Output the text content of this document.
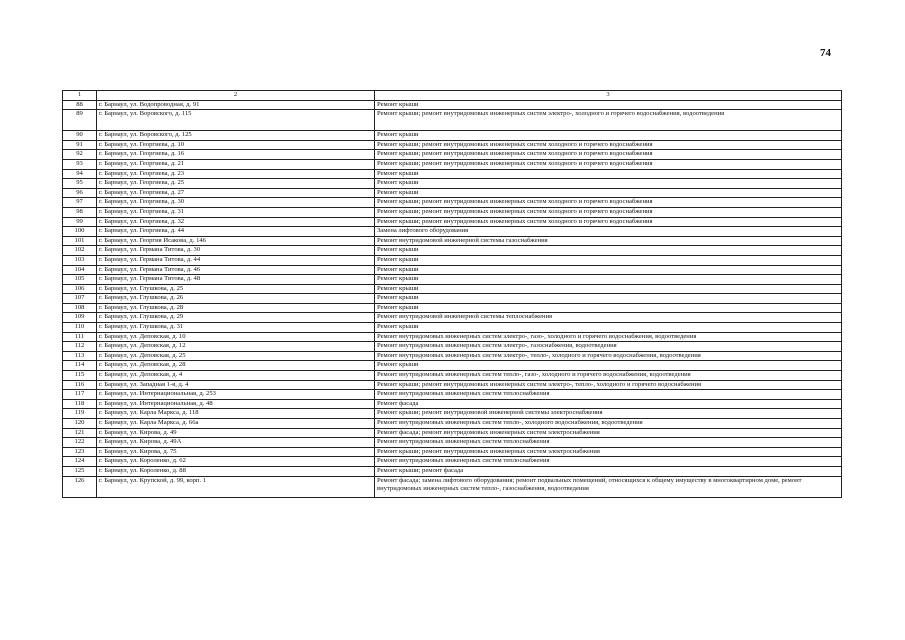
74
1	2	3
88	г. Барнаул, ул. Водопроводная, д. 91	Ремонт крыши
89	г. Барнаул, ул. Воровского, д. 115	Ремонт крыши; ремонт внутридомовых инженерных систем электро-, холодного и горячего водоснабжения, водоотведения
90	г. Барнаул, ул. Воровского, д. 125	Ремонт крыши
91	г. Барнаул, ул. Георгиева, д. 10	Ремонт крыши; ремонт внутридомовых инженерных систем холодного и горячего водоснабжения
92	г. Барнаул, ул. Георгиева, д. 16	Ремонт крыши; ремонт внутридомовых инженерных систем холодного и горячего водоснабжения
93	г. Барнаул, ул. Георгиева, д. 21	Ремонт крыши; ремонт внутридомовых инженерных систем холодного и горячего водоснабжения
94	г. Барнаул, ул. Георгиева, д. 23	Ремонт крыши
95	г. Барнаул, ул. Георгиева, д. 25	Ремонт крыши
96	г. Барнаул, ул. Георгиева, д. 27	Ремонт крыши
97	г. Барнаул, ул. Георгиева, д. 30	Ремонт крыши; ремонт внутридомовых инженерных систем холодного и горячего водоснабжения
98	г. Барнаул, ул. Георгиева, д. 31	Ремонт крыши; ремонт внутридомовых инженерных систем холодного и горячего водоснабжения
99	г. Барнаул, ул. Георгиева, д. 32	Ремонт крыши; ремонт внутридомовых инженерных систем холодного и горячего водоснабжения
100	г. Барнаул, ул. Георгиева, д. 44	Замена лифтового оборудования
101	г. Барнаул, ул. Георгия Исакова, д. 146	Ремонт внутридомовой инженерной системы газоснабжения
102	г. Барнаул, ул. Германа Титова, д. 30	Ремонт крыши
103	г. Барнаул, ул. Германа Титова, д. 44	Ремонт крыши
104	г. Барнаул, ул. Германа Титова, д. 46	Ремонт крыши
105	г. Барнаул, ул. Германа Титова, д. 48	Ремонт крыши
106	г. Барнаул, ул. Глушкова, д. 25	Ремонт крыши
107	г. Барнаул, ул. Глушкова, д. 26	Ремонт крыши
108	г. Барнаул, ул. Глушкова, д. 28	Ремонт крыши
109	г. Барнаул, ул. Глушкова, д. 29	Ремонт внутридомовой инженерной системы теплоснабжения
110	г. Барнаул, ул. Глушкова, д. 31	Ремонт крыши
111	г. Барнаул, ул. Деповская, д. 10	Ремонт внутридомовых инженерных систем электро-, газо-, холодного и горячего водоснабжения, водоотведения
112	г. Барнаул, ул. Деповская, д. 12	Ремонт внутридомовых инженерных систем электро-, газоснабжения, водоотведения
113	г. Барнаул, ул. Деповская, д. 25	Ремонт внутридомовых инженерных систем электро-, тепло-, холодного и горячего водоснабжения, водоотведения
114	г. Барнаул, ул. Деповская, д. 28	Ремонт крыши
115	г. Барнаул, ул. Деповская, д. 4	Ремонт внутридомовых инженерных систем тепло-, газо-, холодного и горячего водоснабжения, водоотведения
116	г. Барнаул, ул. Западная 1-я, д. 4	Ремонт крыши; ремонт внутридомовых инженерных систем электро-, тепло-, холодного и горячего водоснабжения
117	г. Барнаул, ул. Интернациональная, д. 253	Ремонт внутридомовых инженерных систем теплоснабжения
118	г. Барнаул, ул. Интернациональная, д. 48	Ремонт фасада
119	г. Барнаул, ул. Карла Маркса, д. 118	Ремонт крыши; ремонт внутридомовой инженерной системы электроснабжения
120	г. Барнаул, ул. Карла Маркса, д. 66а	Ремонт внутридомовых инженерных систем тепло-, холодного водоснабжения, водоотведения
121	г. Барнаул, ул. Кирова, д. 49	Ремонт фасада; ремонт внутридомовых инженерных систем электроснабжения
122	г. Барнаул, ул. Кирова, д. 49А	Ремонт внутридомовых инженерных систем теплоснабжения
123	г. Барнаул, ул. Кирова, д. 75	Ремонт крыши; ремонт внутридомовых инженерных систем электроснабжения
124	г. Барнаул, ул. Короленко, д. 62	Ремонт внутридомовых инженерных систем теплоснабжения
125	г. Барнаул, ул. Короленко, д. 88	Ремонт крыши; ремонт фасада
126	г. Барнаул, ул. Крупской, д. 99, корп. 1	Ремонт фасада; замена лифтового оборудования; ремонт подвальных помещений, относящихся к общему имуществу в многоквартирном доме, ремонт внутридомовых инженерных систем тепло-, газоснабжения, водоотведения
